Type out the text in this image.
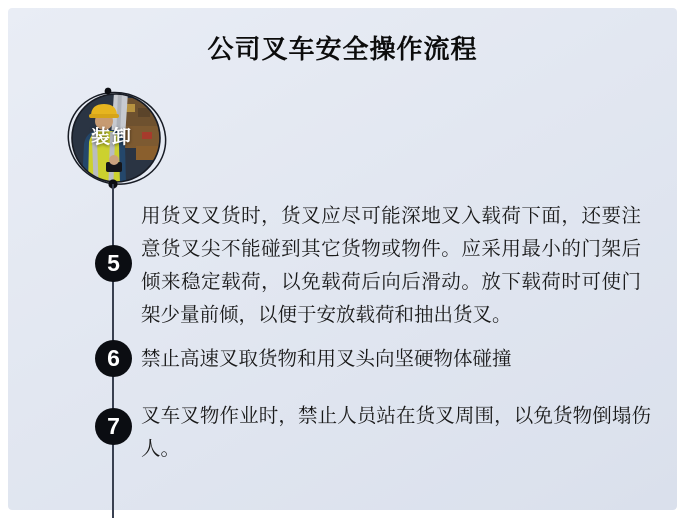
公司叉车安全操作流程
装卸
5
用货叉叉货时，货叉应尽可能深地叉入载荷下面，还要注意货叉尖不能碰到其它货物或物件。应采用最小的门架后倾来稳定载荷，以免载荷后向后滑动。放下载荷时可使门架少量前倾，以便于安放载荷和抽出货叉。
6 禁止高速叉取货物和用叉头向坚硬物体碰撞
7 叉车叉物作业时，禁止人员站在货叉周围，以免货物倒塌伤人。
